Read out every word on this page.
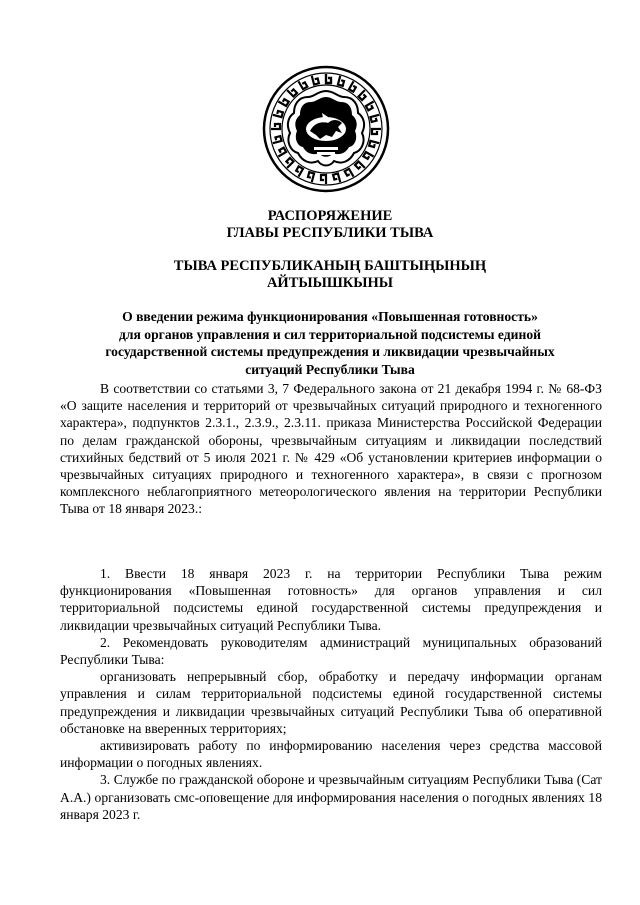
РАСПОРЯЖЕНИЕ
ГЛАВЫ РЕСПУБЛИКИ ТЫВА
ТЫВА РЕСПУБЛИКАНЫҢ БАШТЫҢЫНЫҢ
АЙТЫЫШКЫНЫ
О введении режима функционирования «Повышенная готовность»
для органов управления и сил территориальной подсистемы единой
государственной системы предупреждения и ликвидации чрезвычайных
ситуаций Республики Тыва

В соответствии со статьями 3, 7 Федерального закона от 21 декабря 1994 г. № 68-ФЗ «О защите населения и территорий от чрезвычайных ситуаций природного и техногенного характера», подпунктов 2.3.1., 2.3.9., 2.3.11. приказа Министерства Российской Федерации по делам гражданской обороны, чрезвычайным ситуациям и ликвидации последствий стихийных бедствий от 5 июля 2021 г. № 429 «Об установлении критериев информации о чрезвычайных ситуациях природного и техногенного характера», в связи с прогнозом комплексного неблагоприятного метеорологического явления на территории Республики Тыва от 18 января 2023.:

1. Ввести 18 января 2023 г. на территории Республики Тыва режим функционирования «Повышенная готовность» для органов управления и сил территориальной подсистемы единой государственной системы предупреждения и ликвидации чрезвычайных ситуаций Республики Тыва.

2. Рекомендовать руководителям администраций муниципальных образований Республики Тыва:

организовать непрерывный сбор, обработку и передачу информации органам управления и силам территориальной подсистемы единой государственной системы предупреждения и ликвидации чрезвычайных ситуаций Республики Тыва об оперативной обстановке на вверенных территориях;

активизировать работу по информированию населения через средства массовой информации о погодных явлениях.

3. Службе по гражданской обороне и чрезвычайным ситуациям Республики Тыва (Сат А.А.) организовать смс-оповещение для информирования населения о погодных явлениях 18 января 2023 г.
